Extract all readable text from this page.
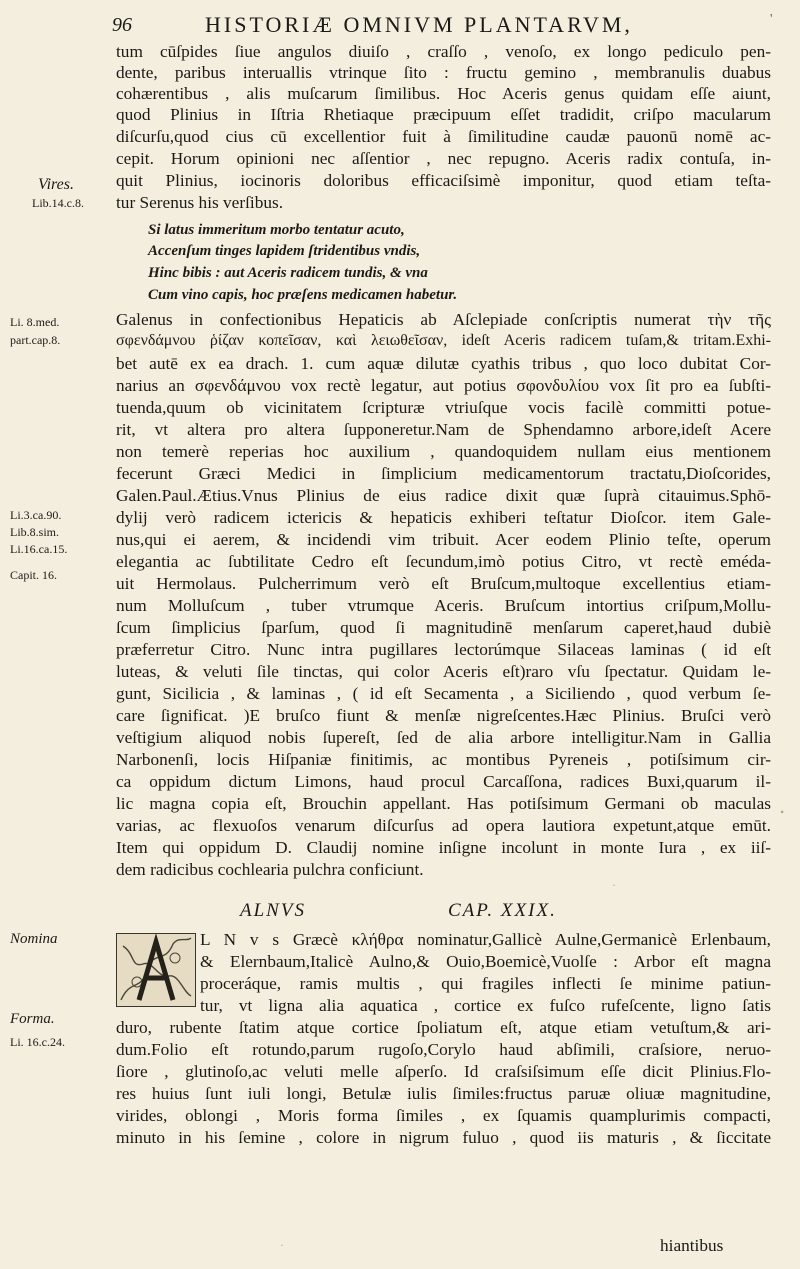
96	HISTORIÆ OMNIVM PLANTARVM,	'
Vires.
Lib.14.c.8.
Li. 8.med.
part.cap.8.
Li.3.ca.90.
Lib.8.sim.
Li.16.ca.15.
Capit. 16.
Nomina
Forma.
Li. 16.c.24.
tum cūſpides ſiue angulos diuiſo , craſſo , venoſo, ex longo pediculo pen-
dente, paribus interuallis vtrinque ſito : fructu gemino , membranulis duabus
cohærentibus , alis muſcarum ſimilibus. Hoc Aceris genus quidam eſſe aiunt,
quod Plinius in Iſtria Rhetiaque præcipuum eſſet tradidit, criſpo macularum
diſcurſu,quod cius cū excellentior fuit à ſimilitudine caudæ pauonū nomē ac-
cepit. Horum opinioni nec aſſentior , nec repugno. Aceris radix contuſa, in-
quit Plinius, iocinoris doloribus efficaciſsimè imponitur, quod etiam teſta-
tur Serenus his verſibus.
Si latus immeritum morbo tentatur acuto,
Accenſum tinges lapidem ſtridentibus vndis,
Hinc bibis : aut Aceris radicem tundis, & vna
Cum vino capis, hoc præſens medicamen habetur.
Galenus in confectionibus Hepaticis ab Aſclepiade conſcriptis numerat τὴν τῆς
σφενδάμνου ῥίζαν κοπεῖσαν, καὶ λειωθεῖσαν, ideſt Aceris radicem tuſam,& tritam.Exhi-
bet autē ex ea drach. 1. cum aquæ dilutæ cyathis tribus , quo loco dubitat Cor-
narius an σφενδάμνου vox rectè legatur, aut potius σφονδυλίου vox ſit pro ea ſubſti-
tuenda,quum ob vicinitatem ſcripturæ vtriuſque vocis facilè committi potue-
rit, vt altera pro altera ſupponeretur.Nam de Sphendamno arbore,ideſt Acere
non temerè reperias hoc auxilium , quandoquidem nullam eius mentionem
fecerunt Græci Medici in ſimplicium medicamentorum tractatu,Dioſcorides,
Galen.Paul.Ætius.Vnus Plinius de eius radice dixit quæ ſuprà citauimus.Sphō-
dylij verò radicem ictericis & hepaticis exhiberi teſtatur Dioſcor. item Gale-
nus,qui ei aerem, & incidendi vim tribuit. Acer eodem Plinio teſte, operum
elegantia ac ſubtilitate Cedro eſt ſecundum,imò potius Citro, vt rectè eméda-
uit Hermolaus. Pulcherrimum verò eſt Bruſcum,multoque excellentius etiam-
num Molluſcum , tuber vtrumque Aceris. Bruſcum intortius criſpum,Mollu-
ſcum ſimplicius ſparſum, quod ſi magnitudinē menſarum caperet,haud dubiè
præferretur Citro. Nunc intra pugillares lectorúmque Silaceas laminas ( id eſt
luteas, & veluti ſile tinctas, qui color Aceris eſt)raro vſu ſpectatur. Quidam le-
gunt, Sicilicia , & laminas , ( id eſt Secamenta , a Siciliendo , quod verbum ſe-
care ſignificat. )E bruſco fiunt & menſæ nigreſcentes.Hæc Plinius. Bruſci verò
veſtigium aliquod nobis ſupereſt, ſed de alia arbore intelligitur.Nam in Gallia
Narbonenſi, locis Hiſpaniæ finitimis, ac montibus Pyreneis , potiſsimum cir-
ca oppidum dictum Limons, haud procul Carcaſſona, radices Buxi,quarum il-
lic magna copia eſt, Brouchin appellant. Has potiſsimum Germani ob maculas
varias, ac flexuoſos venarum diſcurſus ad opera lautiora expetunt,atque emūt.
Item qui oppidum D. Claudij nomine inſigne incolunt in monte Iura , ex iiſ-
dem radicibus cochlearia pulchra conficiunt.
ALNVS	CAP. XXIX.
L N v s Græcè κλήθρα nominatur,Gallicè Aulne,Germanicè Erlenbaum,
& Elernbaum,Italicè Aulno,& Ouio,Boemicè,Vuolſe : Arbor eſt magna
proceráque, ramis multis , qui fragiles inflecti ſe minime patiun-
tur, vt ligna alia aquatica , cortice ex fuſco rufeſcente, ligno ſatis
duro, rubente ſtatim atque cortice ſpoliatum eſt, atque etiam vetuſtum,& ari-
dum.Folio eſt rotundo,parum rugoſo,Corylo haud abſimili, craſsiore, neruo-
ſiore , glutinoſo,ac veluti melle aſperſo. Id craſsiſsimum eſſe dicit Plinius.Flo-
res huius ſunt iuli longi, Betulæ iulis ſimiles:fructus paruæ oliuæ magnitudine,
virides, oblongi , Moris forma ſimiles , ex ſquamis quamplurimis compacti,
minuto in his ſemine , colore in nigrum fuluo , quod iis maturis , & ſiccitate
hiantibus
•
·
·
